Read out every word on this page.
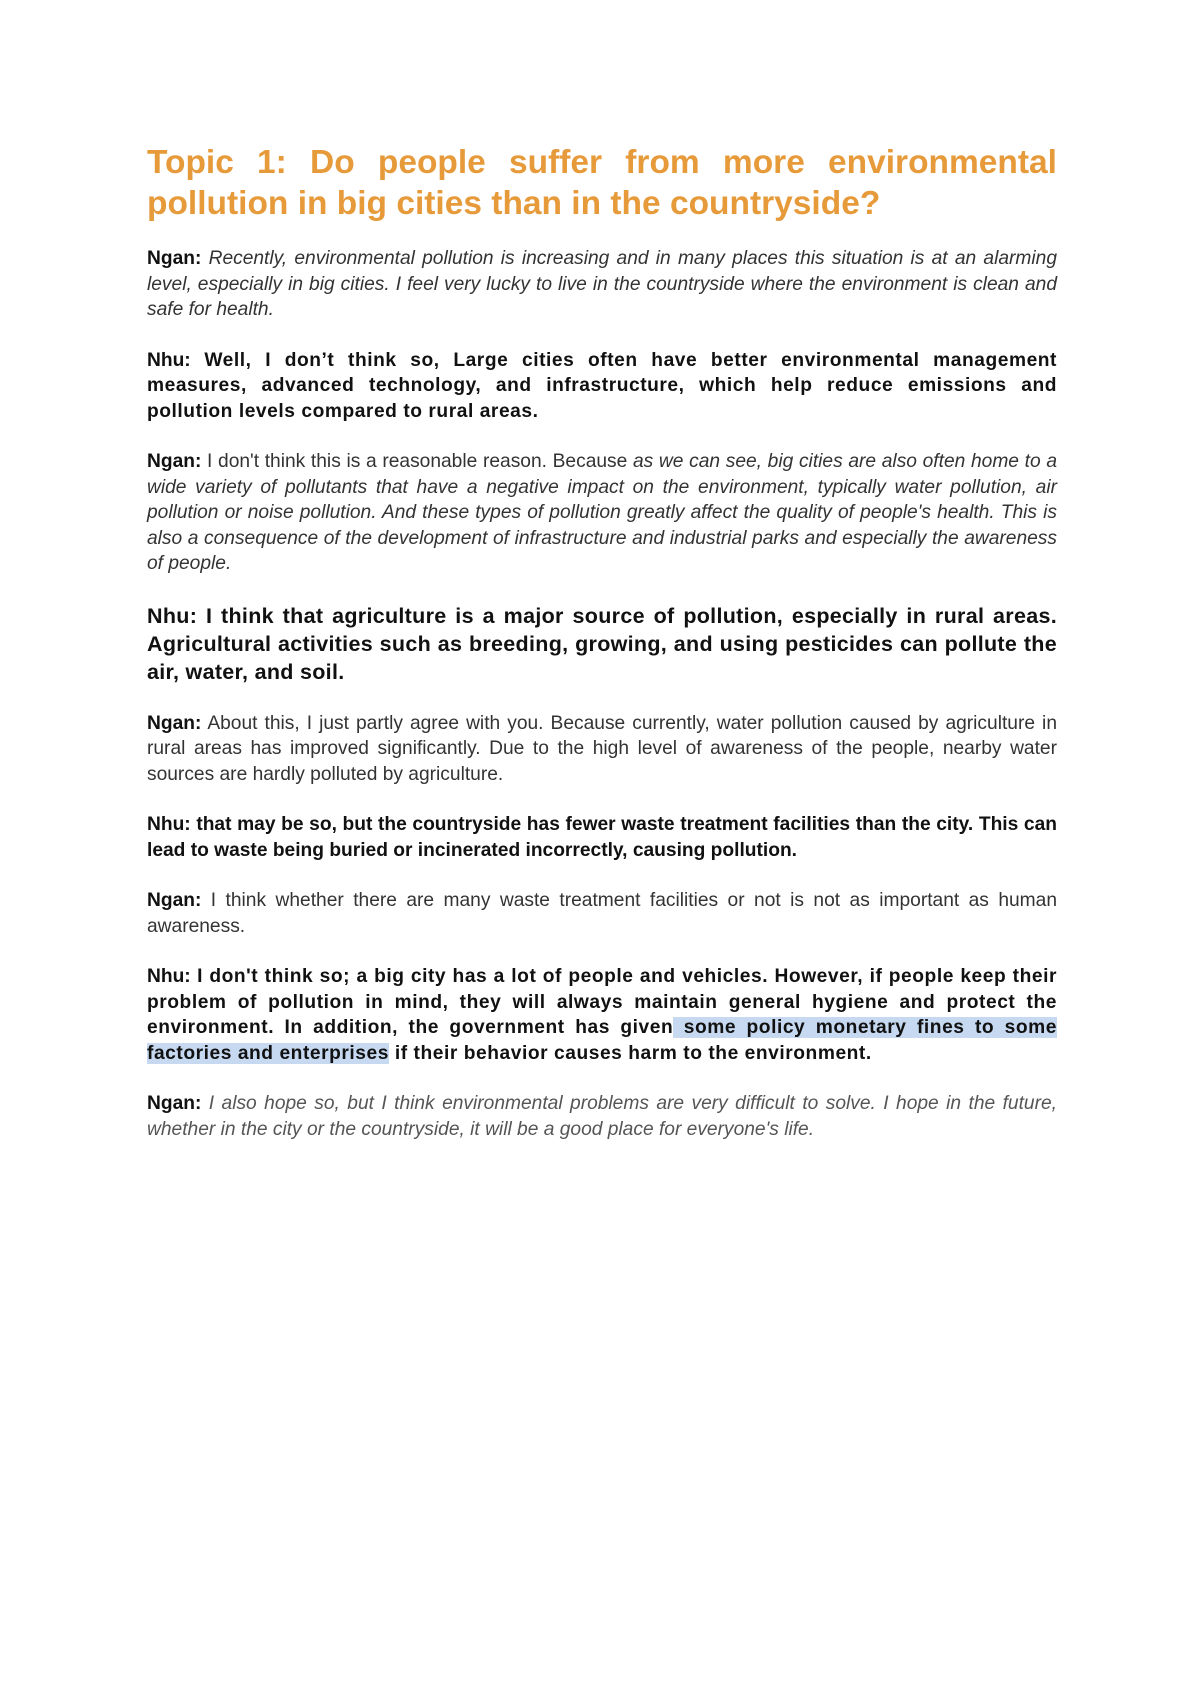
Topic 1: Do people suffer from more environmental pollution in big cities than in the countryside?

Ngan: Recently, environmental pollution is increasing and in many places this situation is at an alarming level, especially in big cities. I feel very lucky to live in the countryside where the environment is clean and safe for health.

Nhu: Well, I don’t think so, Large cities often have better environmental management measures, advanced technology, and infrastructure, which help reduce emissions and pollution levels compared to rural areas.

Ngan: I don't think this is a reasonable reason. Because as we can see, big cities are also often home to a wide variety of pollutants that have a negative impact on the environment, typically water pollution, air pollution or noise pollution. And these types of pollution greatly affect the quality of people's health. This is also a consequence of the development of infrastructure and industrial parks and especially the awareness of people.

Nhu: I think that agriculture is a major source of pollution, especially in rural areas. Agricultural activities such as breeding, growing, and using pesticides can pollute the air, water, and soil.

Ngan: About this, I just partly agree with you. Because currently, water pollution caused by agriculture in rural areas has improved significantly. Due to the high level of awareness of the people, nearby water sources are hardly polluted by agriculture.

Nhu: that may be so, but the countryside has fewer waste treatment facilities than the city. This can lead to waste being buried or incinerated incorrectly, causing pollution.

Ngan: I think whether there are many waste treatment facilities or not is not as important as human awareness.

Nhu: I don't think so; a big city has a lot of people and vehicles. However, if people keep their problem of pollution in mind, they will always maintain general hygiene and protect the environment. In addition, the government has given some policy monetary fines to some factories and enterprises if their behavior causes harm to the environment.

Ngan: I also hope so, but I think environmental problems are very difficult to solve. I hope in the future, whether in the city or the countryside, it will be a good place for everyone's life.
